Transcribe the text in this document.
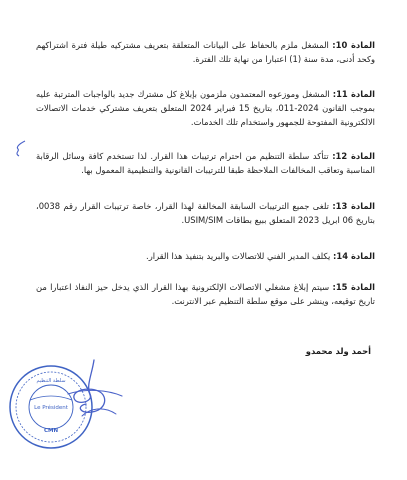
المادة 10: المشغل ملزم بالحفاظ على البيانات المتعلقة بتعريف مشتركيه طيلة فترة اشتراكهم وكحد أدنى، مدة سنة (1) اعتبارا من نهاية تلك الفترة.

المادة 11: المشغل وموزعوه المعتمدون ملزمون بإبلاغ كل مشترك جديد بالواجبات المترتبة عليه بموجب القانون 2024-011، بتاريخ 15 فبراير 2024 المتعلق بتعريف مشتركي خدمات الاتصالات الالكترونية المفتوحة للجمهور واستخدام تلك الخدمات.

المادة 12: تتأكد سلطة التنظيم من احترام ترتيبات هذا القرار. لذا تستخدم كافة وسائل الرقابة المناسبة وتعاقب المخالفات الملاحظة طبقا للترتيبات القانونية والتنظيمية المعمول بها.

المادة 13: تلغى جميع الترتيبات السابقة المخالفة لهذا القرار، خاصة ترتيبات القرار رقم 0038، بتاريخ 06 ابريل 2023 المتعلق ببيع بطاقات USIM/SIM.

المادة 14: يكلف المدير الفني للاتصالات والبريد بتنفيذ هذا القرار.

المادة 15: سيتم إبلاغ مشغلي الاتصالات الإلكترونية بهذا القرار الذي يدخل حيز النفاذ اعتبارا من تاريخ توقيعه، وينشر على موقع سلطة التنظيم عبر الانترنت.

أحمد ولد محمدو
سلطة التنظيم
Le Président
CMN
